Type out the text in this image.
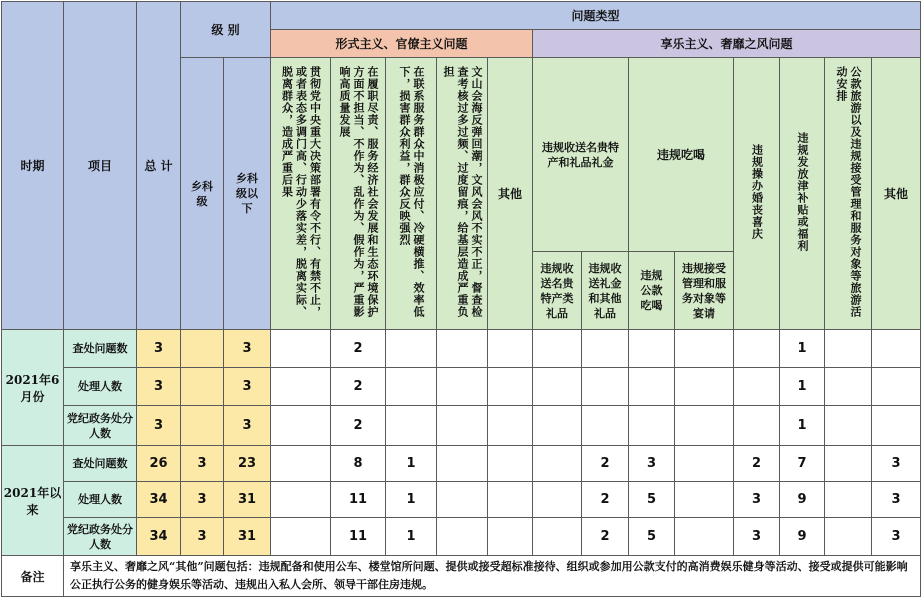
时期	项目	总 计	级 别		问题类型												
					形式主义、官僚主义问题					享乐主义、奢靡之风问题							
			乡科级	乡科级以下	贯彻党中央重大决策部署有令不行、有禁不止，或者表态多调门高、行动少落实差，脱离实际、脱离群众，造成严重后果	在履职尽责、服务经济社会发展和生态环境保护方面不担当、不作为、乱作为、假作为，严重影响高质量发展	在联系服务群众中消极应付、冷硬横推、效率低下，损害群众利益，群众反映强烈	文山会海反弹回潮，文风会风不实不正，督查检查考核过多过频、过度留痕，给基层造成严重负担	其他	违规收送名贵特产和礼品礼金		违规吃喝		违规操办婚丧喜庆	违规发放津补贴或福利	公款旅游以及违规接受管理和服务对象等旅游活动安排	其他

										违规收送名贵特产类礼品	违规收送礼金和其他礼品	违规公款吃喝	违规接受管理和服务对象等宴请				
2021年6月份	查处问题数	3		3		2									1		
	处理人数	3		3		2									1		
	党纪政务处分人数	3		3		2									1		
2021年以来	查处问题数	26	3	23		8	1				2	3		2	7		3
	处理人数	34	3	31		11	1				2	5		3	9		3
	党纪政务处分人数	34	3	31		11	1				2	5		3	9		3
备注	享乐主义、奢靡之风“其他”问题包括：违规配备和使用公车、楼堂馆所问题、提供或接受超标准接待、组织或参加用公款支付的高消费娱乐健身等活动、接受或提供可能影响公正执行公务的健身娱乐等活动、违规出入私人会所、领导干部住房违规。																
